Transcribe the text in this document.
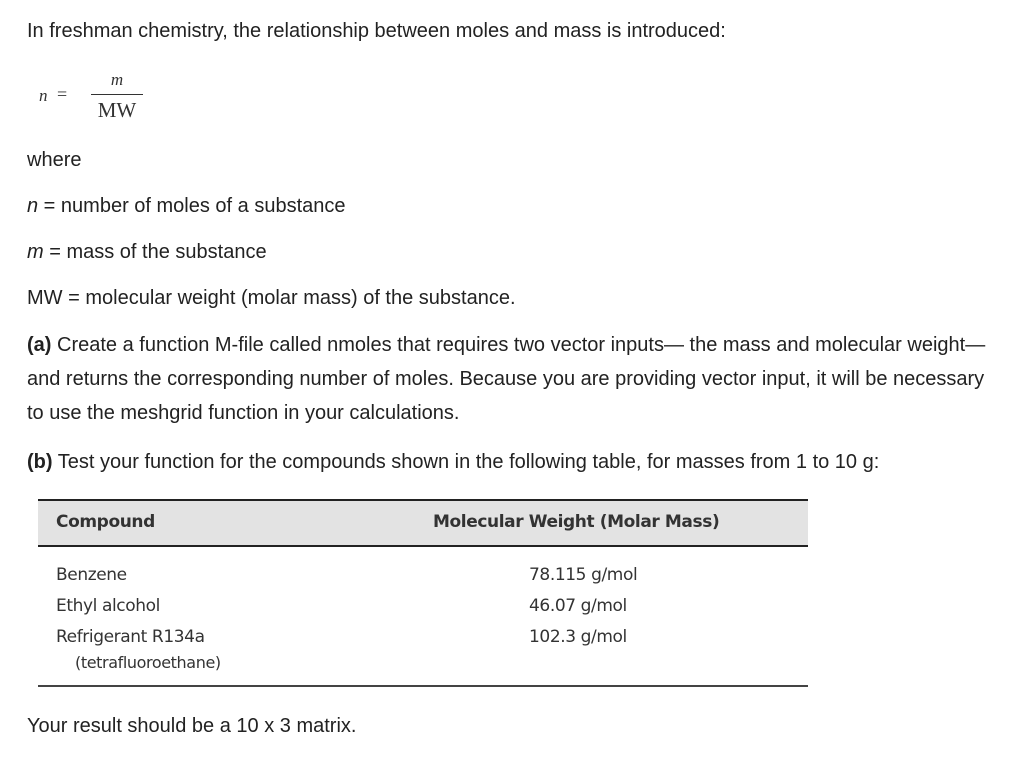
In freshman chemistry, the relationship between moles and mass is introduced:

n =
m
MW

where

n = number of moles of a substance

m = mass of the substance

MW = molecular weight (molar mass) of the substance.

(a) Create a function M-file called nmoles that requires two vector inputs— the mass and molecular weight—and returns the corresponding number of moles. Because you are providing vector input, it will be necessary to use the meshgrid function in your calculations.

(b) Test your function for the compounds shown in the following table, for masses from 1 to 10 g:

Compound	Molecular Weight (Molar Mass)
Benzene	78.115 g/mol
Ethyl alcohol	46.07 g/mol
Refrigerant R134a	102.3 g/mol
(tetrafluoroethane)

Your result should be a 10 x 3 matrix.
